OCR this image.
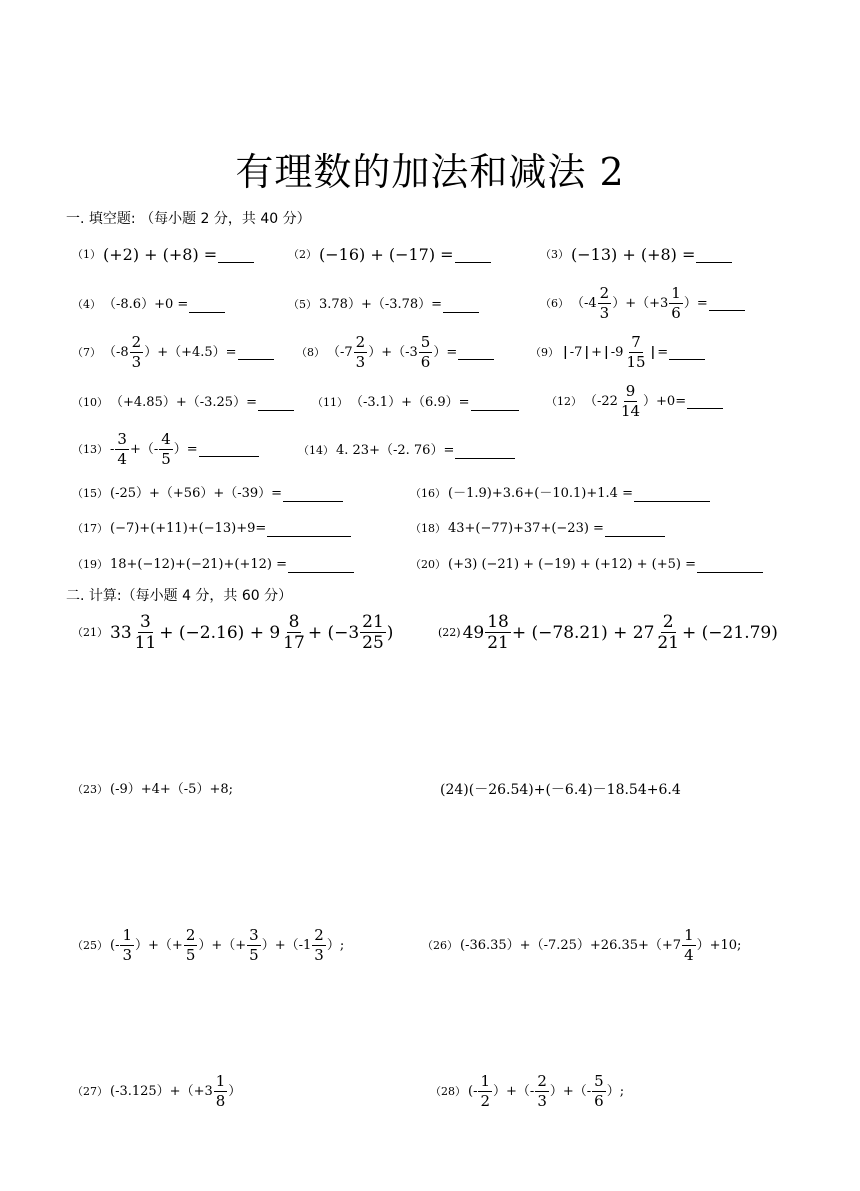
有理数的加法和减法 2
一. 填空题: （每小题 2 分，共 40 分）
（1） (+2) + (+8) =	（2） (−16) + (−17) =	（3） (−13) + (+8) =
（4） （-8.6）+0 =	（5） 3.78）+（-3.78）=	（6） $(-4 \frac{2}{3} )+(+3 \frac{1}{6}$ ）=
（7） $(-8 \frac{2}{3} )+(+4.5)=$	（8） $(-7 \frac{2}{3} )+(-3 \frac{5}{6}$ ）=	（9） | -7 | + | $-9 \frac{7}{15}$ | =
（10） （+4.85）+（-3.25）=	（11） （-3.1）+（6.9）=	（12） $(-22 \frac{9}{14} )+0=$
$(13) - \frac{3}{4}$ +（- $\frac{4}{5}$ ）=	（14） 4. 23+（-2. 76）=
（15） (-25）+（+56）+（-39）=	（16） (－1.9)+3.6+(－10.1)+1.4 =
（17） (−7)+(+11)+(−13)+9=	（18） 43+(−77)+37+(−23) =
（19） 18+(−12)+(−21)+(+12) =	（20） (+3) (−21) + (−19) + (+12) + (+5) =
二. 计算:（每小题 4 分，共 60 分）
（21） $33 \frac{3}{11} + (-2.16) + 9 \frac{8}{17} + (-3 \frac{21}{25}$ )	(22) $49 \frac{18}{21} + (-78.21) + 27 \frac{2}{21} + (-21.79)$
（23） (-9）+4+（-5）+8;	(24)(－26.54)+(－6.4)－18.54+6.4
（25） (- $\frac{1}{3}$ ）+（+ $\frac{2}{5}$ ）+（+ $\frac{3}{5} )+(-1 \frac{2}{3}$ ）;	（26） $(-36.35)+(-7.25)+26.35+(+7 \frac{1}{4} )+10$;
（27） $(-3.125)+(+3 \frac{1}{8}$ ）	（28） (- $\frac{1}{2}$ ）+（- $\frac{2}{3}$ ）+（- $\frac{5}{6}$ ）;
